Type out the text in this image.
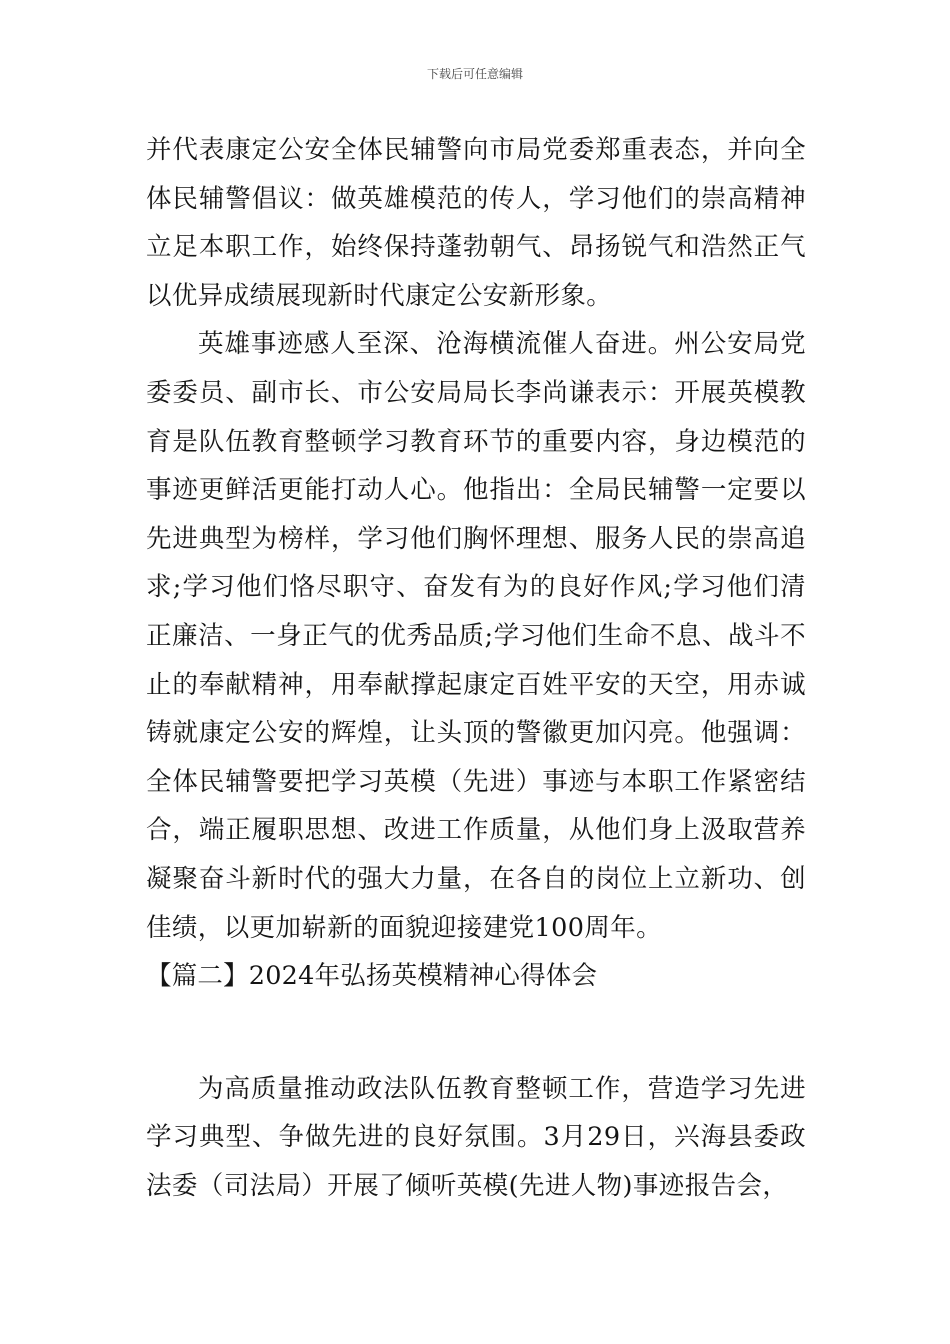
下载后可任意编辑

并代表康定公安全体民辅警向市局党委郑重表态，并向全体民辅警倡议：做英雄模范的传人，学习他们的崇高精神立足本职工作，始终保持蓬勃朝气、昂扬锐气和浩然正气以优异成绩展现新时代康定公安新形象。

英雄事迹感人至深、沧海横流催人奋进。州公安局党委委员、副市长、市公安局局长李尚谦表示：开展英模教育是队伍教育整顿学习教育环节的重要内容，身边模范的事迹更鲜活更能打动人心。他指出：全局民辅警一定要以先进典型为榜样，学习他们胸怀理想、服务人民的崇高追求;学习他们恪尽职守、奋发有为的良好作风;学习他们清正廉洁、一身正气的优秀品质;学习他们生命不息、战斗不止的奉献精神，用奉献撑起康定百姓平安的天空，用赤诚铸就康定公安的辉煌，让头顶的警徽更加闪亮。他强调：全体民辅警要把学习英模（先进）事迹与本职工作紧密结合，端正履职思想、改进工作质量，从他们身上汲取营养凝聚奋斗新时代的强大力量，在各自的岗位上立新功、创佳绩，以更加崭新的面貌迎接建党100周年。

【篇二】2024年弘扬英模精神心得体会

为高质量推动政法队伍教育整顿工作，营造学习先进学习典型、争做先进的良好氛围。3月29日，兴海县委政法委（司法局）开展了倾听英模(先进人物)事迹报告会，
